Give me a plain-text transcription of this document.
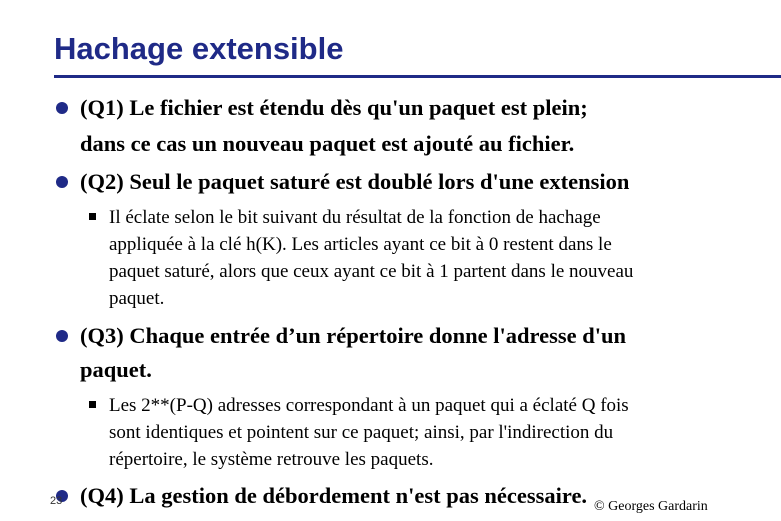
Hachage extensible
(Q1) Le fichier est étendu dès qu'un paquet est plein;
dans ce cas un nouveau paquet est ajouté au fichier.
(Q2) Seul le paquet saturé est doublé lors d'une extension
Il éclate selon le bit suivant du résultat de la fonction de hachage
appliquée à la clé h(K). Les articles ayant ce bit à 0 restent dans le
paquet saturé, alors que ceux ayant ce bit à 1 partent dans le nouveau
paquet.
(Q3) Chaque entrée d’un répertoire donne l'adresse d'un
paquet.
Les 2**(P-Q) adresses correspondant à un paquet qui a éclaté Q fois
sont identiques et pointent sur ce paquet; ainsi, par l'indirection du
répertoire, le système retrouve les paquets.
(Q4) La gestion de débordement n'est pas nécessaire.
23	© Georges Gardarin
